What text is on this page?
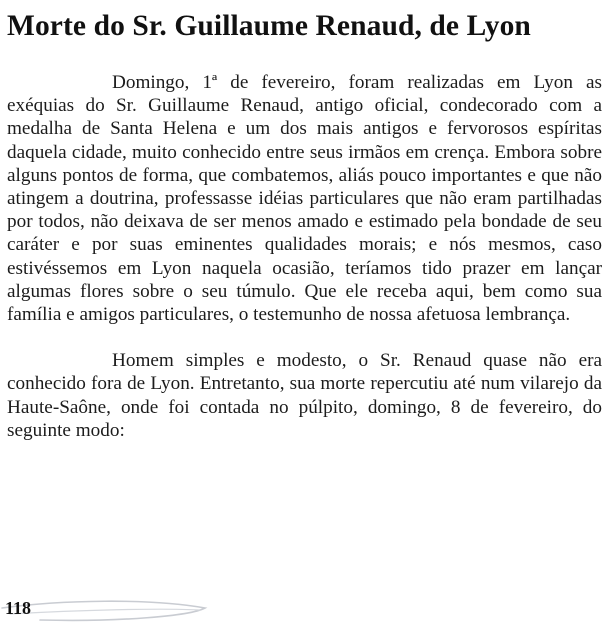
Morte do Sr. Guillaume Renaud, de Lyon

Domingo, 1ª de fevereiro, foram realizadas em Lyon as exéquias do Sr. Guillaume Renaud, antigo oficial, condecorado com a medalha de Santa Helena e um dos mais antigos e fervorosos espíritas daquela cidade, muito conhecido entre seus irmãos em crença. Embora sobre alguns pontos de forma, que combatemos, aliás pouco importantes e que não atingem a doutrina, professasse idéias particulares que não eram partilhadas por todos, não deixava de ser menos amado e estimado pela bondade de seu caráter e por suas eminentes qualidades morais; e nós mesmos, caso estivéssemos em Lyon naquela ocasião, teríamos tido prazer em lançar algumas flores sobre o seu túmulo. Que ele receba aqui, bem como sua família e amigos particulares, o testemunho de nossa afetuosa lembrança.

Homem simples e modesto, o Sr. Renaud quase não era conhecido fora de Lyon. Entretanto, sua morte repercutiu até num vilarejo da Haute-Saône, onde foi contada no púlpito, domingo, 8 de fevereiro, do seguinte modo:

118
